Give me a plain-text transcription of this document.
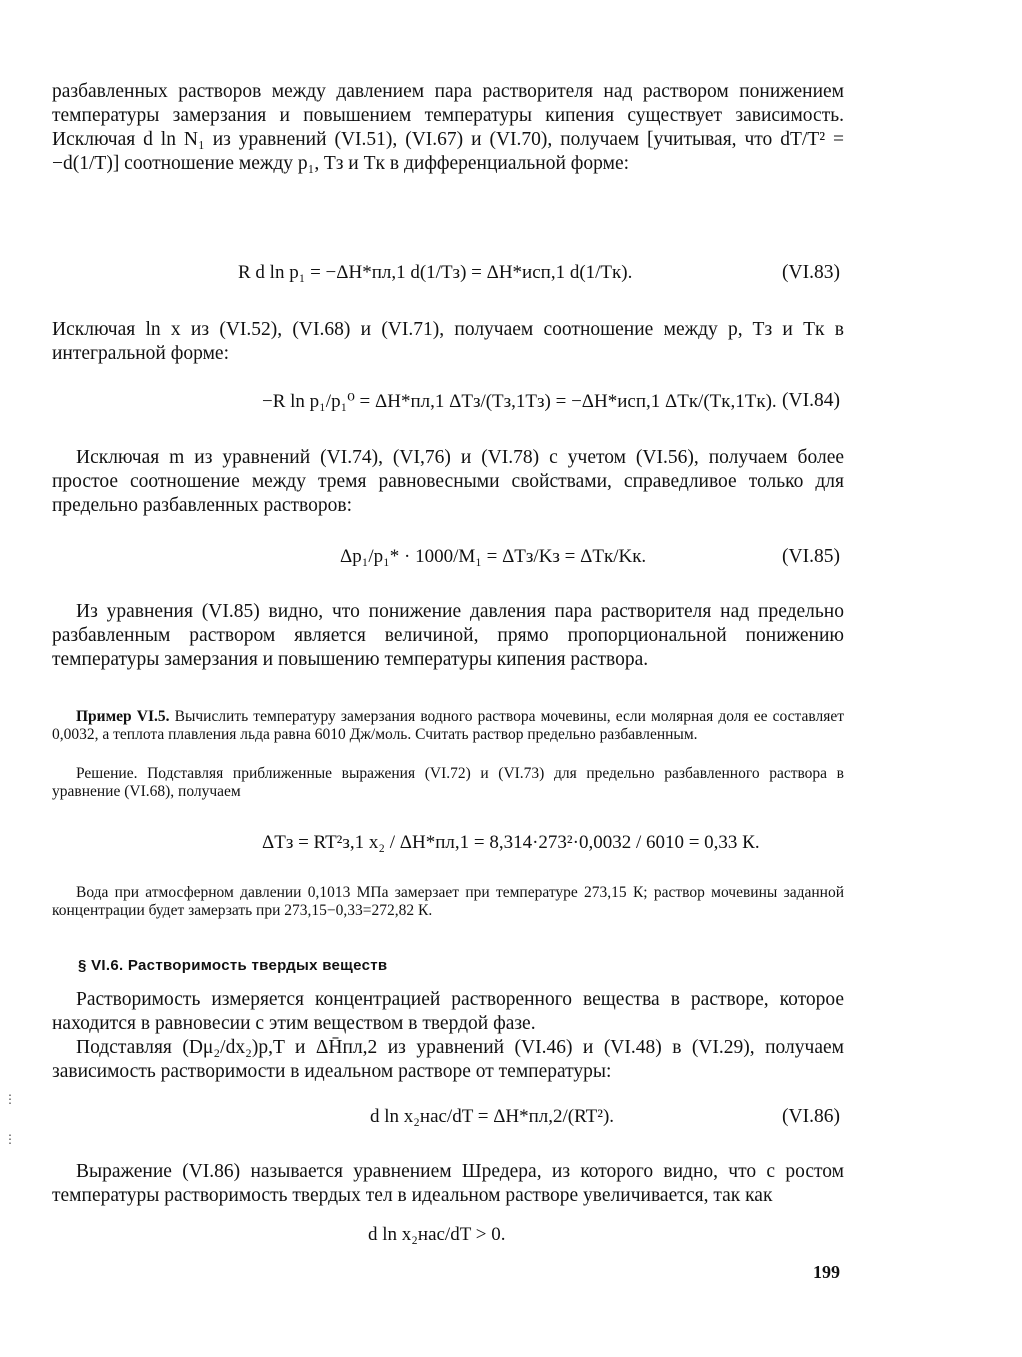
разбавленных растворов между давлением пара растворителя над раствором понижением температуры замерзания и повышением температуры кипения существует зависимость. Исключая d ln N₁ из уравнений (VI.51), (VI.67) и (VI.70), получаем [учитывая, что dT/T² = −d(1/T)] соотношение между p₁, Tз и Tк в дифференциальной форме:

R d ln p₁ = −ΔH*пл,1 d(1/Tз) = ΔH*исп,1 d(1/Tк).	(VI.83)

Исключая ln x из (VI.52), (VI.68) и (VI.71), получаем соотношение между p, Tз и Tк в интегральной форме:

−R ln p₁/p₁⁰ = ΔH*пл,1 ΔTз/(Tз,1Tз) = −ΔH*исп,1 ΔTк/(Tк,1Tк). (VI.84)

Исключая m из уравнений (VI.74), (VI,76) и (VI.78) с учетом (VI.56), получаем более простое соотношение между тремя равновесными свойствами, справедливое только для предельно разбавленных растворов:

Δp₁/p₁* · 1000/M₁ = ΔTз/Kз = ΔTк/Kк.	(VI.85)

Из уравнения (VI.85) видно, что понижение давления пара растворителя над предельно разбавленным раствором является величиной, прямо пропорциональной понижению температуры замерзания и повышению температуры кипения раствора.

Пример VI.5. Вычислить температуру замерзания водного раствора мочевины, если молярная доля ее составляет 0,0032, а теплота плавления льда равна 6010 Дж/моль. Считать раствор предельно разбавленным.

Решение. Подставляя приближенные выражения (VI.72) и (VI.73) для предельно разбавленного раствора в уравнение (VI.68), получаем

ΔTз = RT²з,1 x₂ / ΔH*пл,1 = 8,314·273²·0,0032 / 6010 = 0,33 К.

Вода при атмосферном давлении 0,1013 МПа замерзает при температуре 273,15 К; раствор мочевины заданной концентрации будет замерзать при 273,15−0,33=272,82 К.

§ VI.6. Растворимость твердых веществ

Растворимость измеряется концентрацией растворенного вещества в растворе, которое находится в равновесии с этим веществом в твердой фазе.

Подставляя (Dμ₂/dx₂)p,T и ΔH̄пл,2 из уравнений (VI.46) и (VI.48) в (VI.29), получаем зависимость растворимости в идеальном растворе от температуры:

d ln x₂нас/dT = ΔH*пл,2/(RT²).	(VI.86)

Выражение (VI.86) называется уравнением Шредера, из которого видно, что с ростом температуры растворимость твердых тел в идеальном растворе увеличивается, так как

d ln x₂нас/dT > 0.
199
⋮
⋮
